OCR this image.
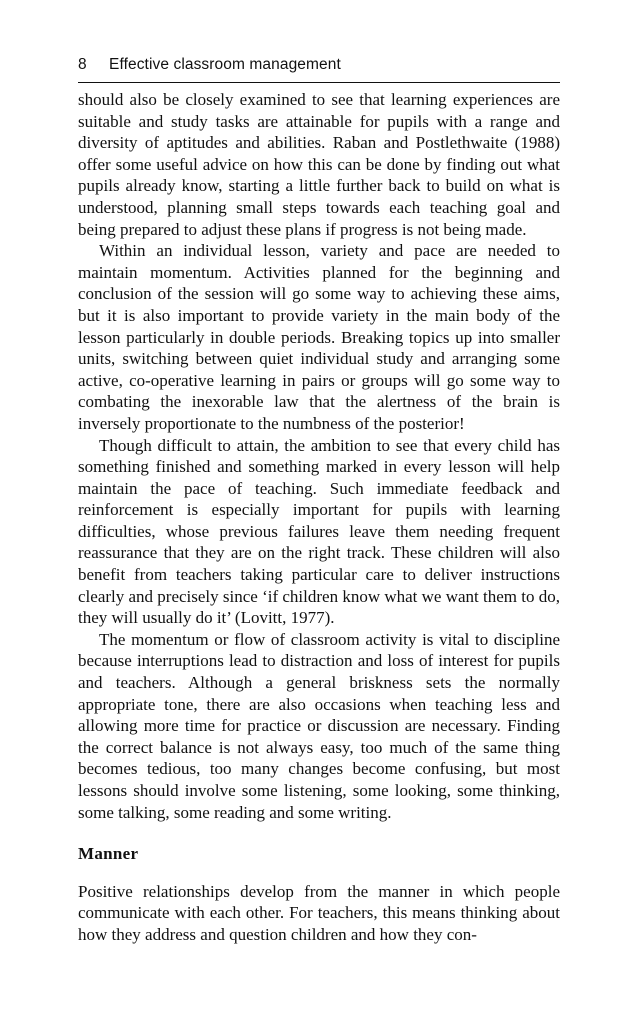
8	Effective classroom management

should also be closely examined to see that learning experiences are suitable and study tasks are attainable for pupils with a range and diversity of aptitudes and abilities. Raban and Postlethwaite (1988) offer some useful advice on how this can be done by finding out what pupils already know, starting a little further back to build on what is understood, planning small steps towards each teaching goal and being prepared to adjust these plans if progress is not being made.

Within an individual lesson, variety and pace are needed to maintain momentum. Activities planned for the beginning and conclusion of the session will go some way to achieving these aims, but it is also important to provide variety in the main body of the lesson particularly in double periods. Breaking topics up into smaller units, switching between quiet individual study and arranging some active, co-operative learning in pairs or groups will go some way to combating the inexorable law that the alertness of the brain is inversely proportionate to the numbness of the posterior!

Though difficult to attain, the ambition to see that every child has something finished and something marked in every lesson will help maintain the pace of teaching. Such immediate feedback and reinforcement is especially important for pupils with learning difficulties, whose previous failures leave them needing frequent reassurance that they are on the right track. These children will also benefit from teachers taking particular care to deliver instructions clearly and precisely since ‘if children know what we want them to do, they will usually do it’ (Lovitt, 1977).

The momentum or flow of classroom activity is vital to discipline because interruptions lead to distraction and loss of interest for pupils and teachers. Although a general briskness sets the normally appropriate tone, there are also occasions when teaching less and allowing more time for practice or discussion are necessary. Finding the correct balance is not always easy, too much of the same thing becomes tedious, too many changes become confusing, but most lessons should involve some listening, some looking, some thinking, some talking, some reading and some writing.

Manner

Positive relationships develop from the manner in which people communicate with each other. For teachers, this means thinking about how they address and question children and how they con-
